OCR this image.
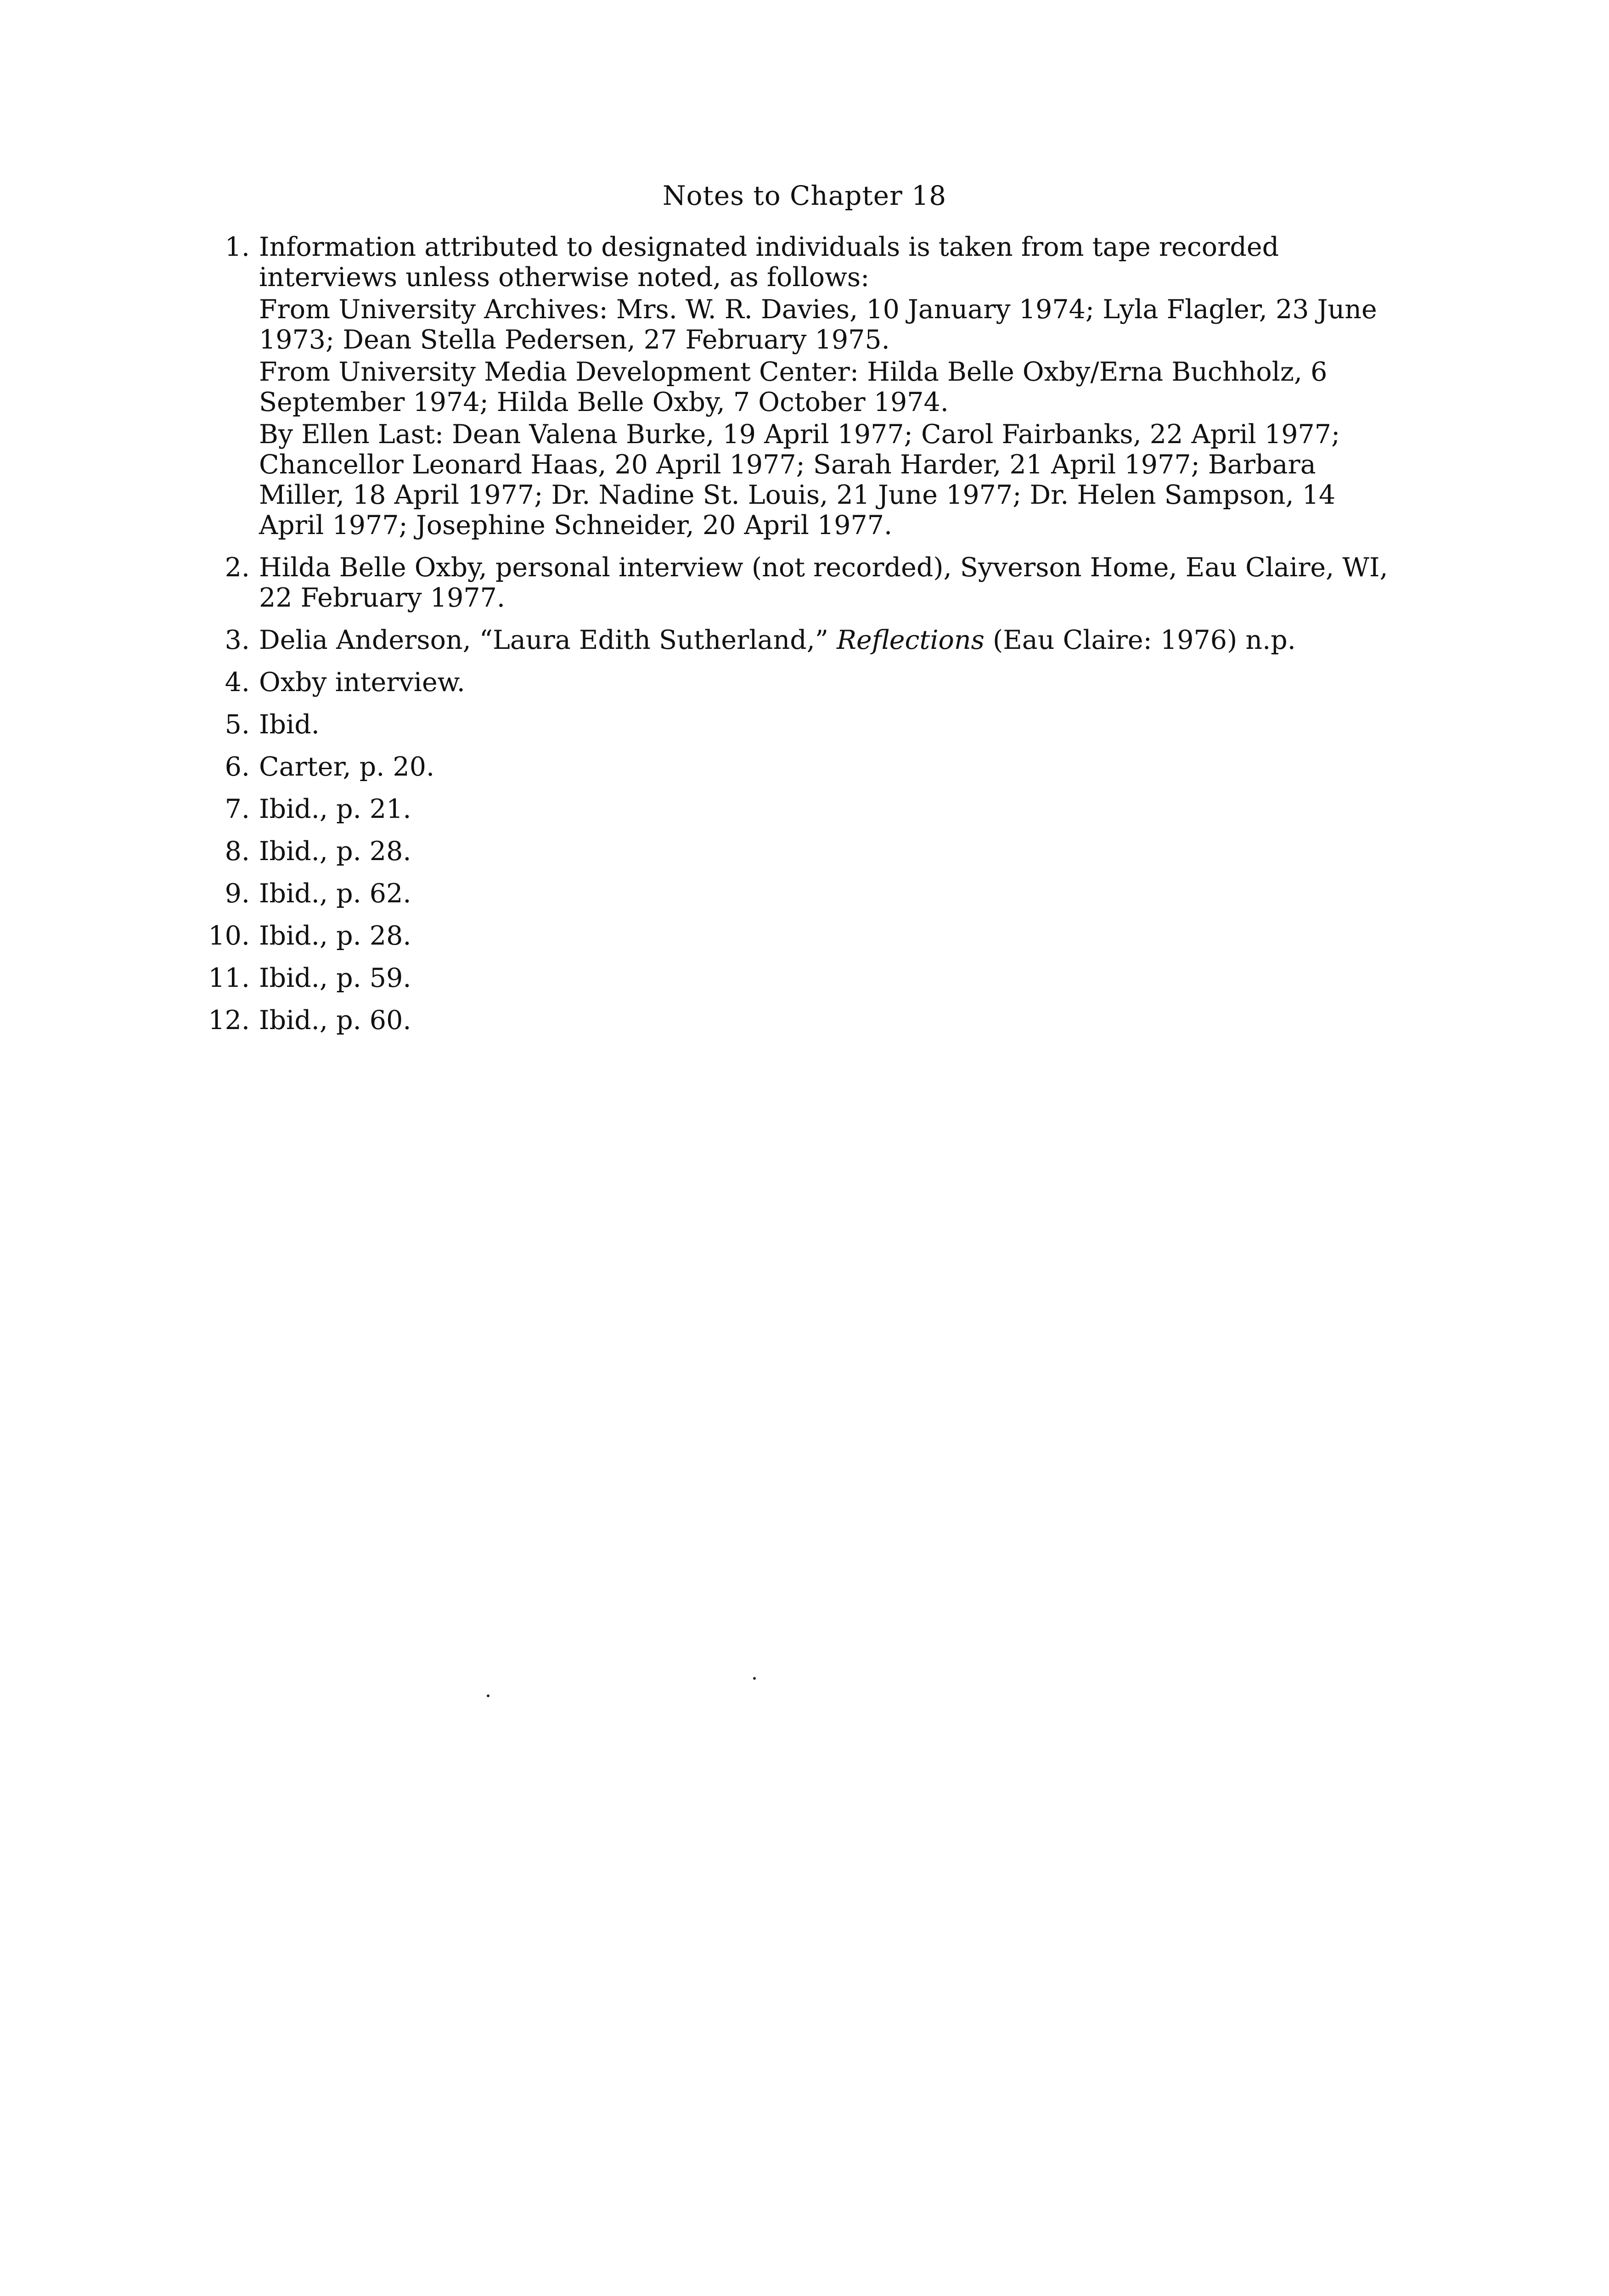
Notes to Chapter 18
1. Information attributed to designated individuals is taken from tape recorded interviews unless otherwise noted, as follows:
From University Archives: Mrs. W. R. Davies, 10 January 1974; Lyla Flagler, 23 June 1973; Dean Stella Pedersen, 27 February 1975.
From University Media Development Center: Hilda Belle Oxby/Erna Buchholz, 6 September 1974; Hilda Belle Oxby, 7 October 1974.
By Ellen Last: Dean Valena Burke, 19 April 1977; Carol Fairbanks, 22 April 1977; Chancellor Leonard Haas, 20 April 1977; Sarah Harder, 21 April 1977; Barbara Miller, 18 April 1977; Dr. Nadine St. Louis, 21 June 1977; Dr. Helen Sampson, 14 April 1977; Josephine Schneider, 20 April 1977.
2. Hilda Belle Oxby, personal interview (not recorded), Syverson Home, Eau Claire, WI, 22 February 1977.
3. Delia Anderson, “Laura Edith Sutherland,” Reflections (Eau Claire: 1976) n.p.
4. Oxby interview.
5. Ibid.
6. Carter, p. 20.
7. Ibid., p. 21.
8. Ibid., p. 28.
9. Ibid., p. 62.
10. Ibid., p. 28.
11. Ibid., p. 59.
12. Ibid., p. 60.
